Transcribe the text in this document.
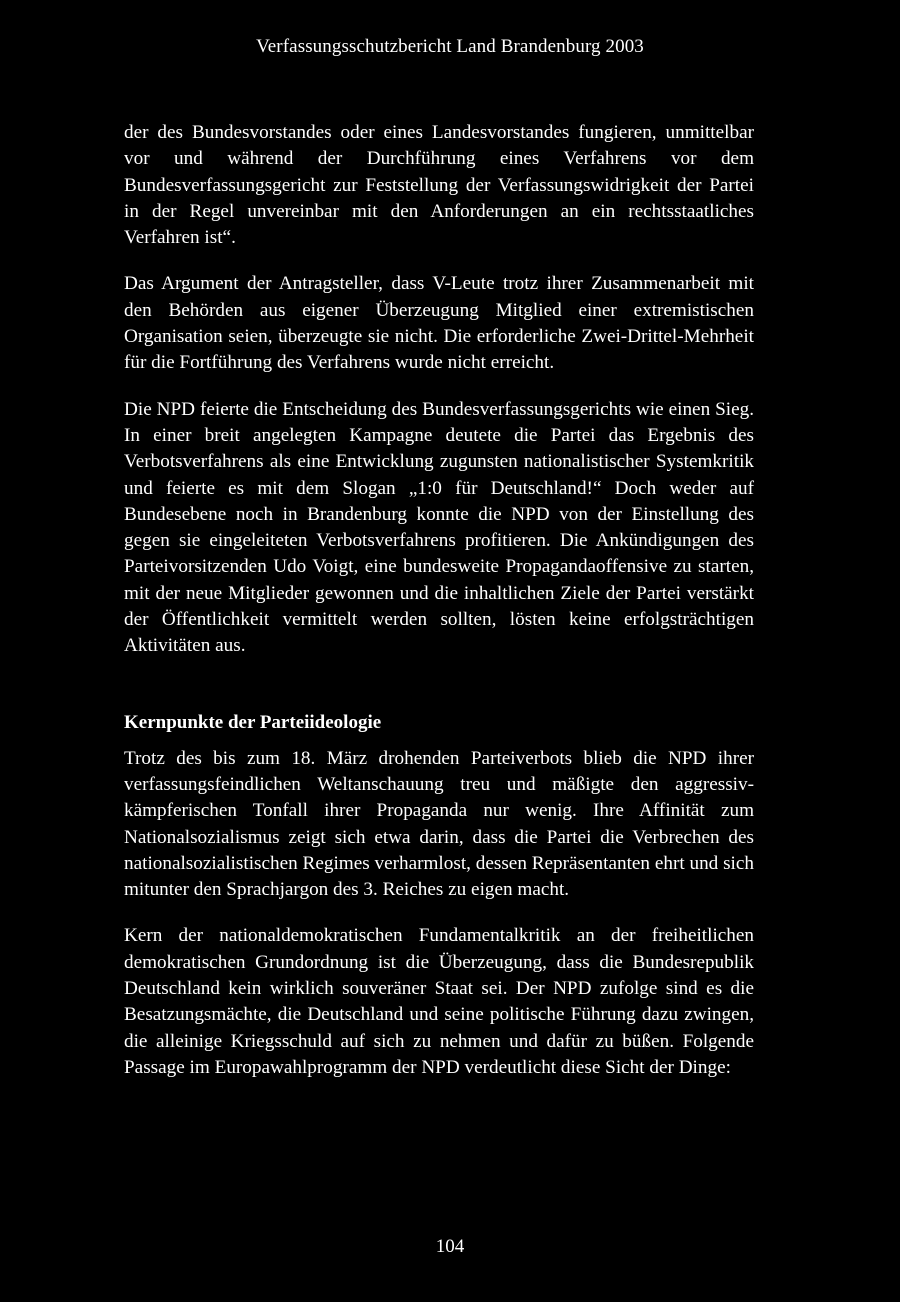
Verfassungsschutzbericht Land Brandenburg 2003

der des Bundesvorstandes oder eines Landesvorstandes fungieren, unmittelbar vor und während der Durchführung eines Verfahrens vor dem Bundesverfassungsgericht zur Feststellung der Verfassungswidrigkeit der Partei in der Regel unvereinbar mit den Anforderungen an ein rechtsstaatliches Verfahren ist“.

Das Argument der Antragsteller, dass V-Leute trotz ihrer Zusammenarbeit mit den Behörden aus eigener Überzeugung Mitglied einer extremistischen Organisation seien, überzeugte sie nicht. Die erforderliche Zwei-Drittel-Mehrheit für die Fortführung des Verfahrens wurde nicht erreicht.

Die NPD feierte die Entscheidung des Bundesverfassungsgerichts wie einen Sieg. In einer breit angelegten Kampagne deutete die Partei das Ergebnis des Verbotsverfahrens als eine Entwicklung zugunsten nationalistischer Systemkritik und feierte es mit dem Slogan „1:0 für Deutschland!“ Doch weder auf Bundesebene noch in Brandenburg konnte die NPD von der Einstellung des gegen sie eingeleiteten Verbotsverfahrens profitieren. Die Ankündigungen des Parteivorsitzenden Udo Voigt, eine bundesweite Propagandaoffensive zu starten, mit der neue Mitglieder gewonnen und die inhaltlichen Ziele der Partei verstärkt der Öffentlichkeit vermittelt werden sollten, lösten keine erfolgsträchtigen Aktivitäten aus.

Kernpunkte der Parteiideologie

Trotz des bis zum 18. März drohenden Parteiverbots blieb die NPD ihrer verfassungsfeindlichen Weltanschauung treu und mäßigte den aggressiv-kämpferischen Tonfall ihrer Propaganda nur wenig. Ihre Affinität zum Nationalsozialismus zeigt sich etwa darin, dass die Partei die Verbrechen des nationalsozialistischen Regimes verharmlost, dessen Repräsentanten ehrt und sich mitunter den Sprachjargon des 3. Reiches zu eigen macht.

Kern der nationaldemokratischen Fundamentalkritik an der freiheitlichen demokratischen Grundordnung ist die Überzeugung, dass die Bundesrepublik Deutschland kein wirklich souveräner Staat sei. Der NPD zufolge sind es die Besatzungsmächte, die Deutschland und seine politische Führung dazu zwingen, die alleinige Kriegsschuld auf sich zu nehmen und dafür zu büßen. Folgende Passage im Europawahlprogramm der NPD verdeutlicht diese Sicht der Dinge:

104
